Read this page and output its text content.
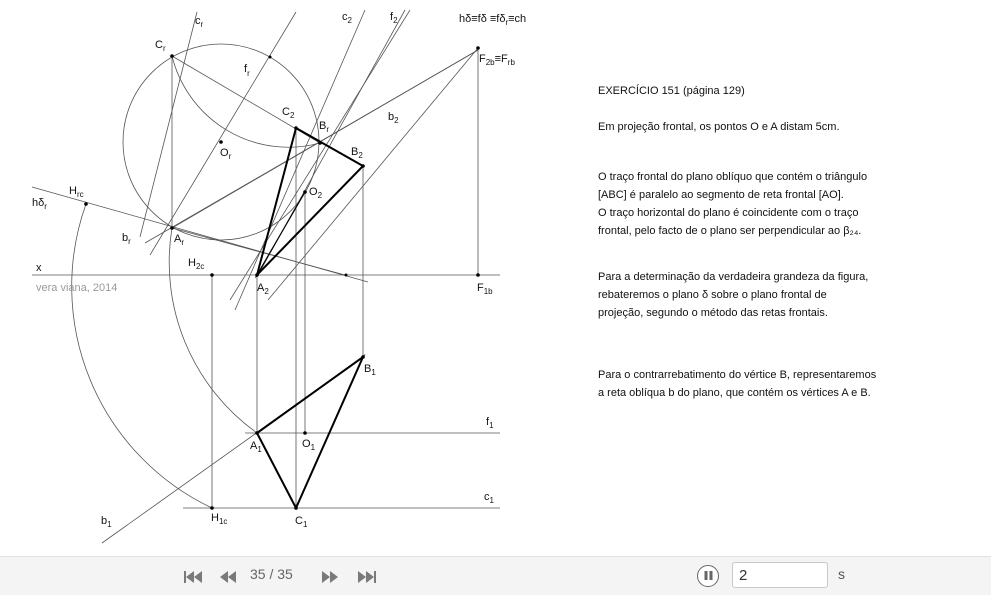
$c_r$
$c_2$	$f_2$	$h\delta\equiv f\delta \equiv f\delta_r\equiv ch$
$C_r$
$f_r$
$F_{2b}\equiv F_{rb}$
$C_2$
$B_r$
$b_2$
$O_r$	$B_2$
$H_{rc}$	$O_2$
$h\delta_r$
$b_r$	$A_r$
x	$H_{2c}$
vera viana, 2014	$A_2$	$F_{1b}$
$B_1$
$f_1$
$A_1$	$O_1$
$c_1$
$b_1$
$H_{1c}$	$C_1$

EXERCÍCIO 151 (página 129)

Em projeção frontal, os pontos O e A distam 5cm.

O traço frontal do plano oblíquo que contém o triângulo

[ABC] é paralelo ao segmento de reta frontal [AO].

O traço horizontal do plano é coincidente com o traço

frontal, pelo facto de o plano ser perpendicular ao β₂₄.

Para a determinação da verdadeira grandeza da figura,

rebateremos o plano δ sobre o plano frontal de

projeção, segundo o método das retas frontais.

Para o contrarrebatimento do vértice B, representaremos

a reta oblíqua b do plano, que contém os vértices A e B.

35 / 35
2	s
